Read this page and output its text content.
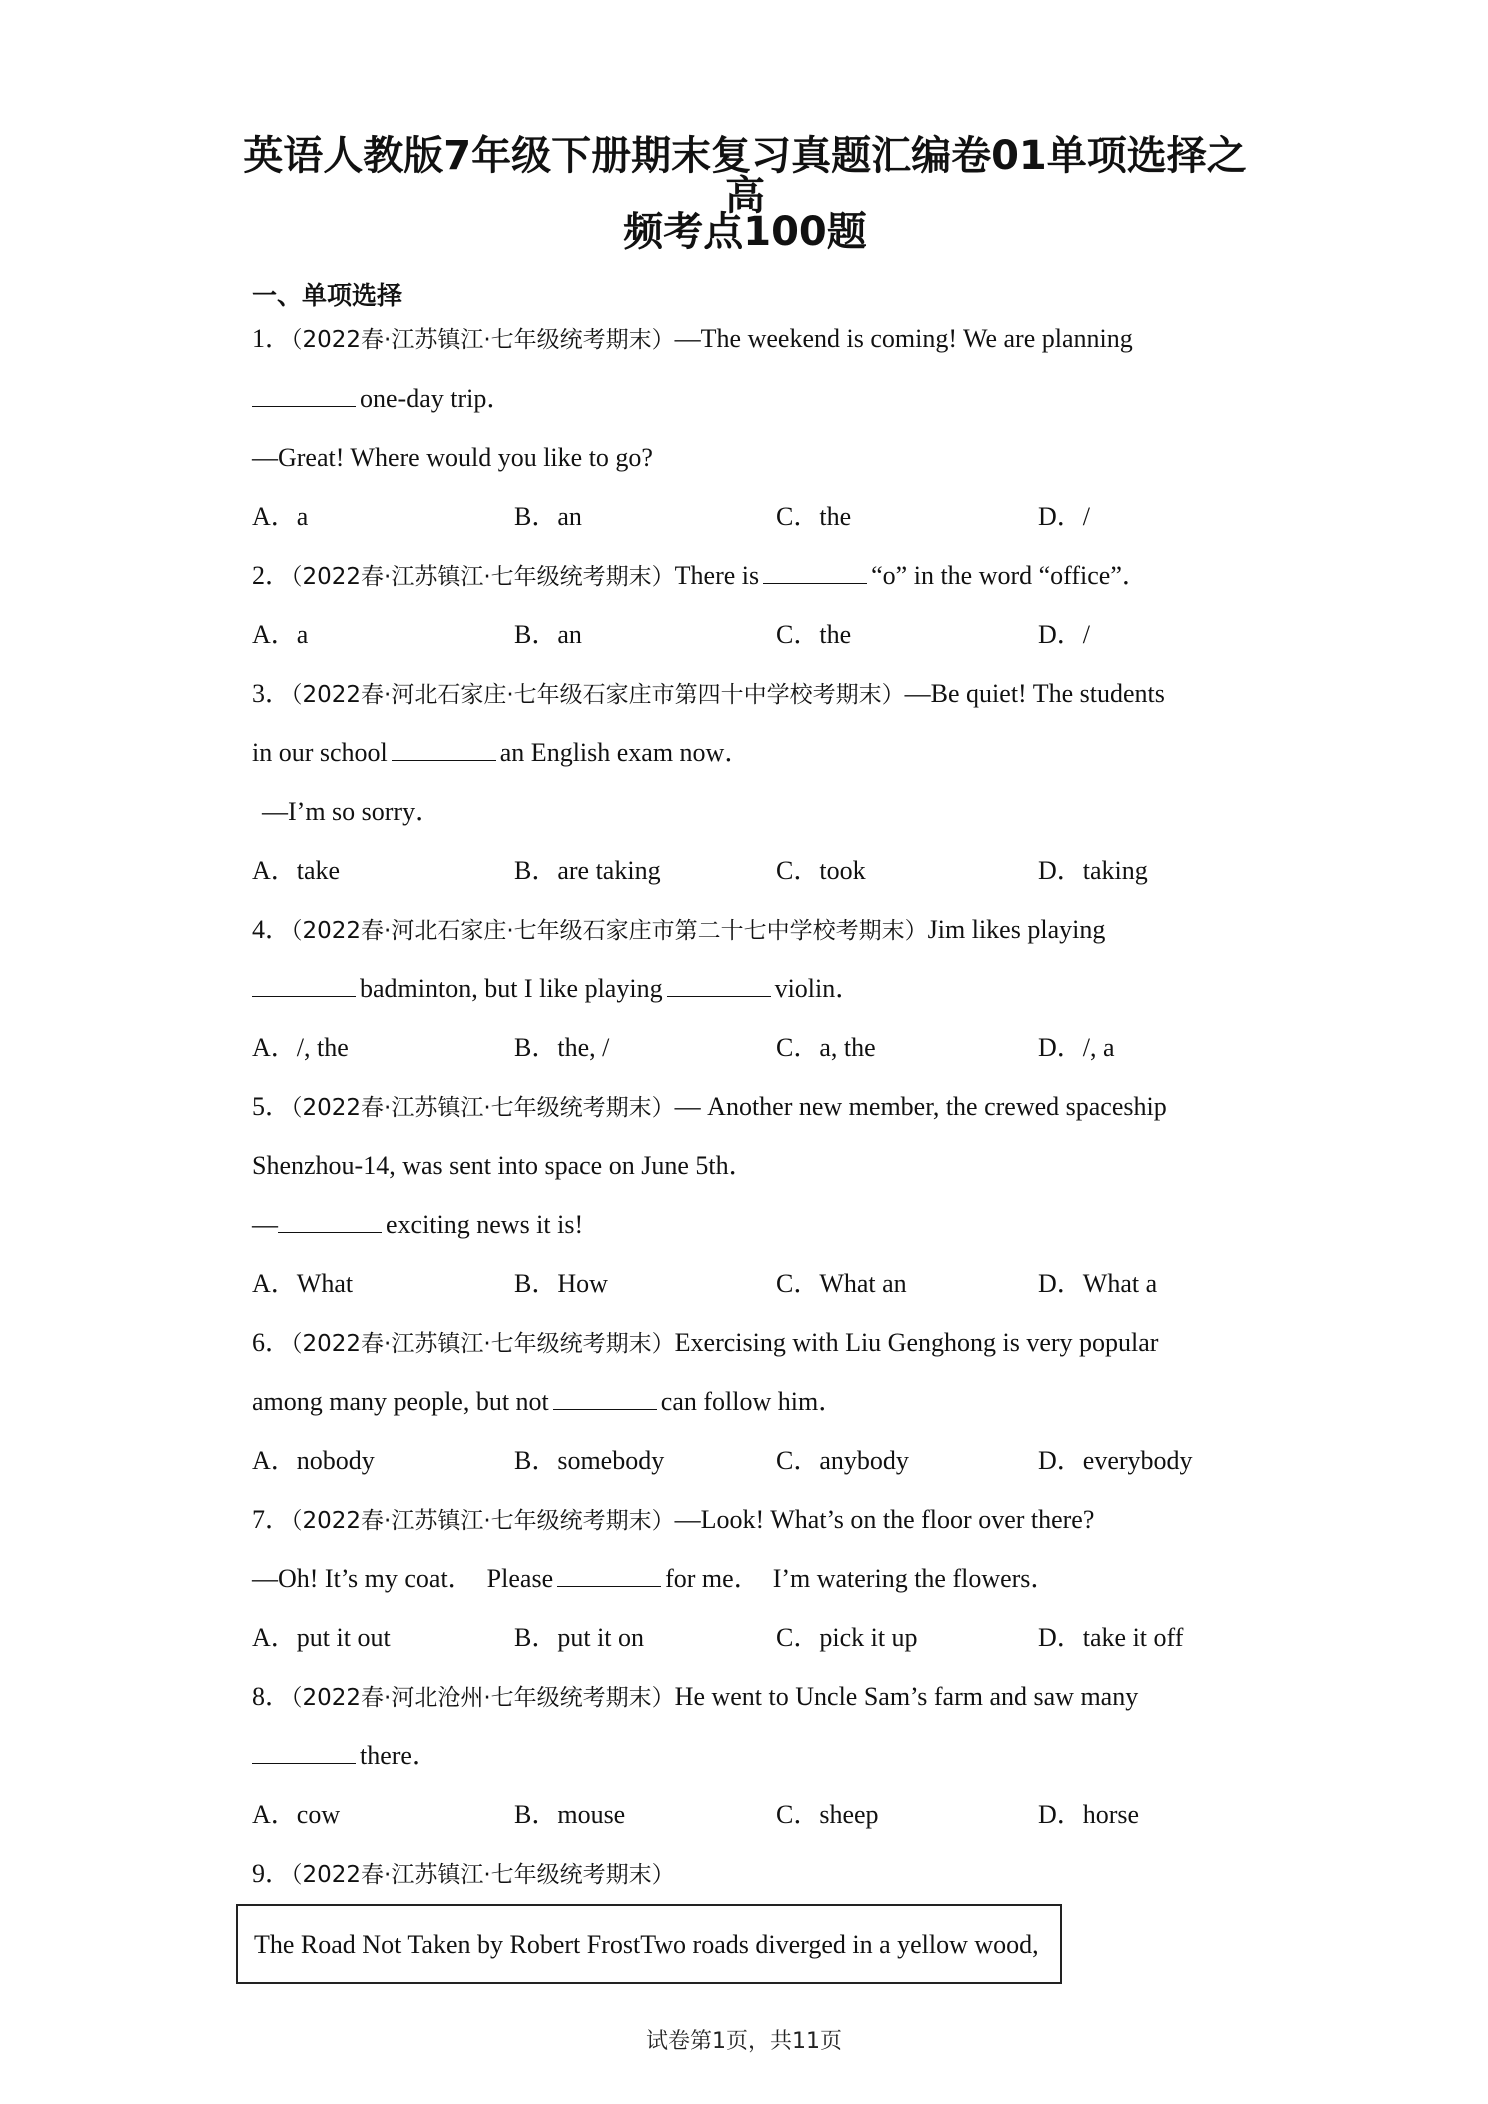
英语人教版7年级下册期末复习真题汇编卷01单项选择之高
频考点100题
一、单项选择
1．（2022春·江苏镇江·七年级统考期末）—The weekend is coming! We are planning
one-day trip．
—Great! Where would you like to go?
A．a	B．an	C．the	D．/
2．（2022春·江苏镇江·七年级统考期末）There is	“o” in the word “office”．
A．a	B．an	C．the	D．/
3．（2022春·河北石家庄·七年级石家庄市第四十中学校考期末）—Be quiet! The students
in our school	an English exam now．
—I’m so sorry．
A．take	B．are taking	C．took	D．taking
4．（2022春·河北石家庄·七年级石家庄市第二十七中学校考期末）Jim likes playing
badminton, but I like playing	violin．
A．/, the	B．the, /	C．a, the	D．/, a
5．（2022春·江苏镇江·七年级统考期末）— Another new member, the crewed spaceship
Shenzhou-14, was sent into space on June 5th．
—	exciting news it is!
A．What	B．How	C．What an	D．What a
6．（2022春·江苏镇江·七年级统考期末）Exercising with Liu Genghong is very popular
among many people, but not	can follow him．
A．nobody	B．somebody	C．anybody	D．everybody
7．（2022春·江苏镇江·七年级统考期末）—Look! What’s on the floor over there?
—Oh! It’s my coat．  Please	for me．  I’m watering the flowers．
A．put it out	B．put it on	C．pick it up	D．take it off
8．（2022春·河北沧州·七年级统考期末）He went to Uncle Sam’s farm and saw many
there．
A．cow	B．mouse	C．sheep	D．horse
9．（2022春·江苏镇江·七年级统考期末）
The Road Not Taken by Robert FrostTwo roads diverged in a yellow wood,
试卷第1页，共11页
